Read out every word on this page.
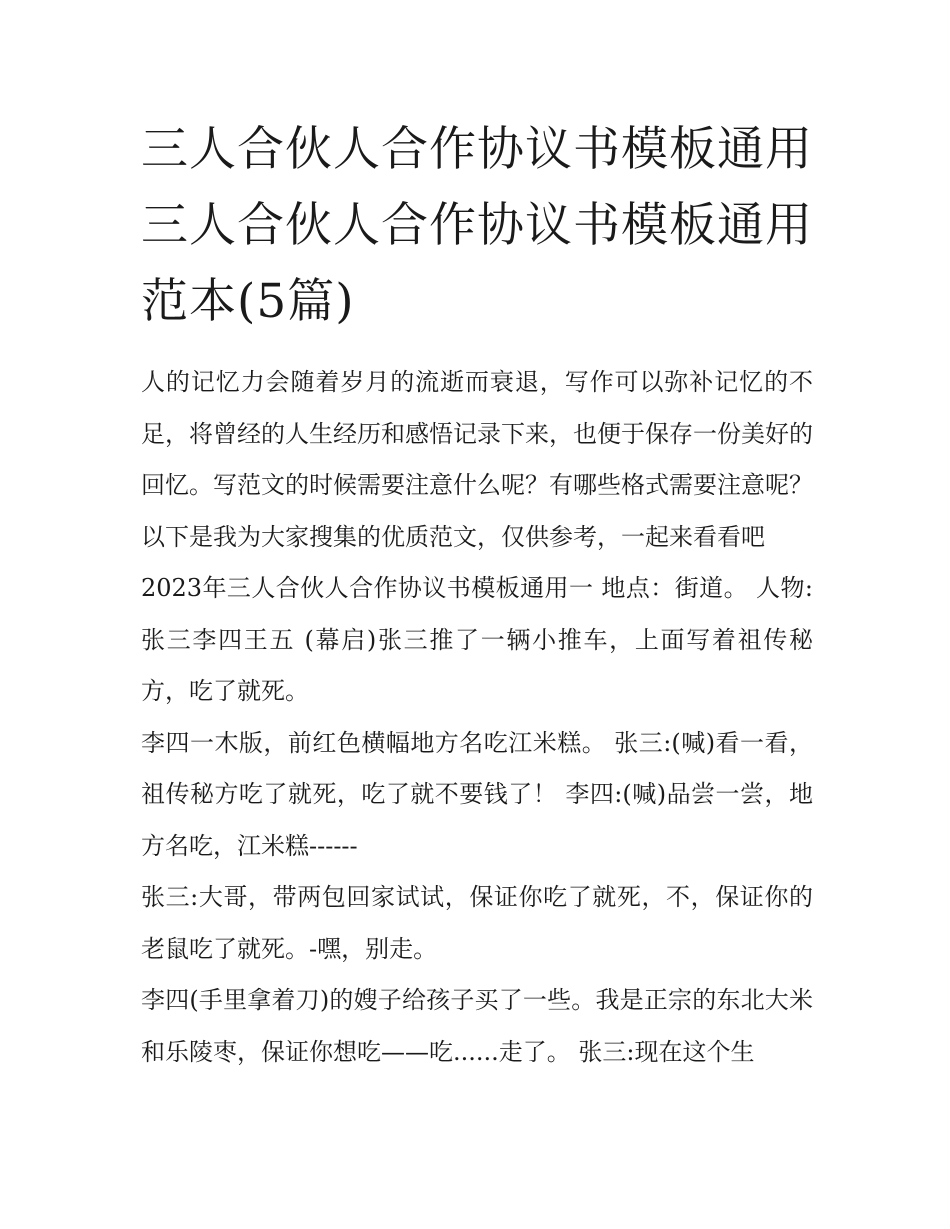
三人合伙人合作协议书模板通用 三人合伙人合作协议书模板通用范本(5篇)

人的记忆力会随着岁月的流逝而衰退，写作可以弥补记忆的不足，将曾经的人生经历和感悟记录下来，也便于保存一份美好的回忆。写范文的时候需要注意什么呢？有哪些格式需要注意呢？以下是我为大家搜集的优质范文，仅供参考，一起来看看吧

2023年三人合伙人合作协议书模板通用一 地点：街道。 人物:张三李四王五 (幕启)张三推了一辆小推车，上面写着祖传秘方，吃了就死。

李四一木版，前红色横幅地方名吃江米糕。 张三:(喊)看一看，祖传秘方吃了就死，吃了就不要钱了！ 李四:(喊)品尝一尝，地方名吃，江米糕------

张三:大哥，带两包回家试试，保证你吃了就死，不，保证你的老鼠吃了就死。-嘿，别走。

李四(手里拿着刀)的嫂子给孩子买了一些。我是正宗的东北大米和乐陵枣，保证你想吃——吃......走了。 张三:现在这个生
